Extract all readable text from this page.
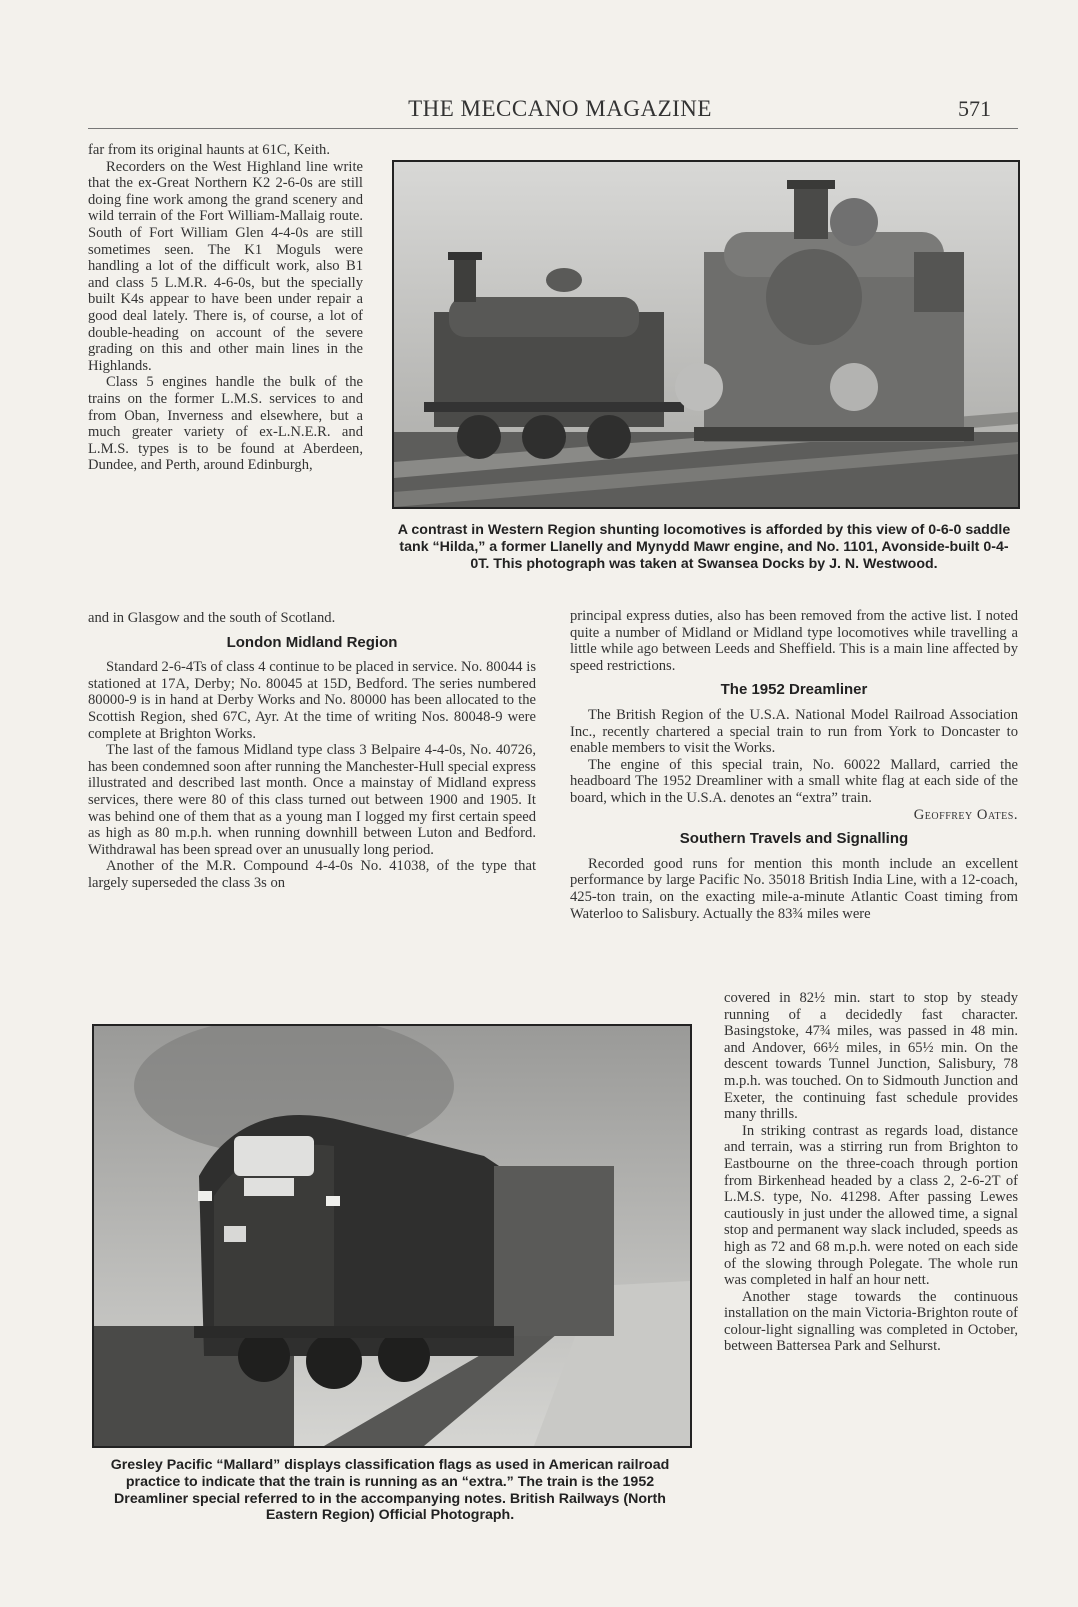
THE MECCANO MAGAZINE	571

far from its original haunts at 61C, Keith.

Recorders on the West Highland line write that the ex-Great Northern K2 2-6-0s are still doing fine work among the grand scenery and wild terrain of the Fort William-Mallaig route. South of Fort William Glen 4-4-0s are still sometimes seen. The K1 Moguls were handling a lot of the difficult work, also B1 and class 5 L.M.R. 4-6-0s, but the specially built K4s appear to have been under repair a good deal lately. There is, of course, a lot of double-heading on account of the severe grading on this and other main lines in the Highlands.

Class 5 engines handle the bulk of the trains on the former L.M.S. services to and from Oban, Inverness and elsewhere, but a much greater variety of ex-L.N.E.R. and L.M.S. types is to be found at Aberdeen, Dundee, and Perth, around Edinburgh,

A contrast in Western Region shunting locomotives is afforded by this view of 0-6-0 saddle tank “Hilda,” a former Llanelly and Mynydd Mawr engine, and No. 1101, Avonside-built 0-4-0T. This photograph was taken at Swansea Docks by J. N. Westwood.

and in Glasgow and the south of Scotland.

London Midland Region

Standard 2-6-4Ts of class 4 continue to be placed in service. No. 80044 is stationed at 17A, Derby; No. 80045 at 15D, Bedford. The series numbered 80000-9 is in hand at Derby Works and No. 80000 has been allocated to the Scottish Region, shed 67C, Ayr. At the time of writing Nos. 80048-9 were complete at Brighton Works.

The last of the famous Midland type class 3 Belpaire 4-4-0s, No. 40726, has been condemned soon after running the Manchester-Hull special express illustrated and described last month. Once a mainstay of Midland express services, there were 80 of this class turned out between 1900 and 1905. It was behind one of them that as a young man I logged my first certain speed as high as 80 m.p.h. when running downhill between Luton and Bedford. Withdrawal has been spread over an unusually long period.

Another of the M.R. Compound 4-4-0s No. 41038, of the type that largely superseded the class 3s on

principal express duties, also has been removed from the active list. I noted quite a number of Midland or Midland type locomotives while travelling a little while ago between Leeds and Sheffield. This is a main line affected by speed restrictions.

The 1952 Dreamliner

The British Region of the U.S.A. National Model Railroad Association Inc., recently chartered a special train to run from York to Doncaster to enable members to visit the Works.

The engine of this special train, No. 60022 Mallard, carried the headboard The 1952 Dreamliner with a small white flag at each side of the board, which in the U.S.A. denotes an “extra” train.

Geoffrey Oates.
Southern Travels and Signalling

Recorded good runs for mention this month include an excellent performance by large Pacific No. 35018 British India Line, with a 12-coach, 425-ton train, on the exacting mile-a-minute Atlantic Coast timing from Waterloo to Salisbury. Actually the 83¾ miles were

Gresley Pacific “Mallard” displays classification flags as used in American railroad practice to indicate that the train is running as an “extra.” The train is the 1952 Dreamliner special referred to in the accompanying notes. British Railways (North Eastern Region) Official Photograph.

covered in 82½ min. start to stop by steady running of a decidedly fast character. Basingstoke, 47¾ miles, was passed in 48 min. and Andover, 66½ miles, in 65½ min. On the descent towards Tunnel Junction, Salisbury, 78 m.p.h. was touched. On to Sidmouth Junction and Exeter, the continuing fast schedule provides many thrills.

In striking contrast as regards load, distance and terrain, was a stirring run from Brighton to Eastbourne on the three-coach through portion from Birkenhead headed by a class 2, 2-6-2T of L.M.S. type, No. 41298. After passing Lewes cautiously in just under the allowed time, a signal stop and permanent way slack included, speeds as high as 72 and 68 m.p.h. were noted on each side of the slowing through Polegate. The whole run was completed in half an hour nett.

Another stage towards the continuous installation on the main Victoria-Brighton route of colour-light signalling was completed in October, between Battersea Park and Selhurst.
